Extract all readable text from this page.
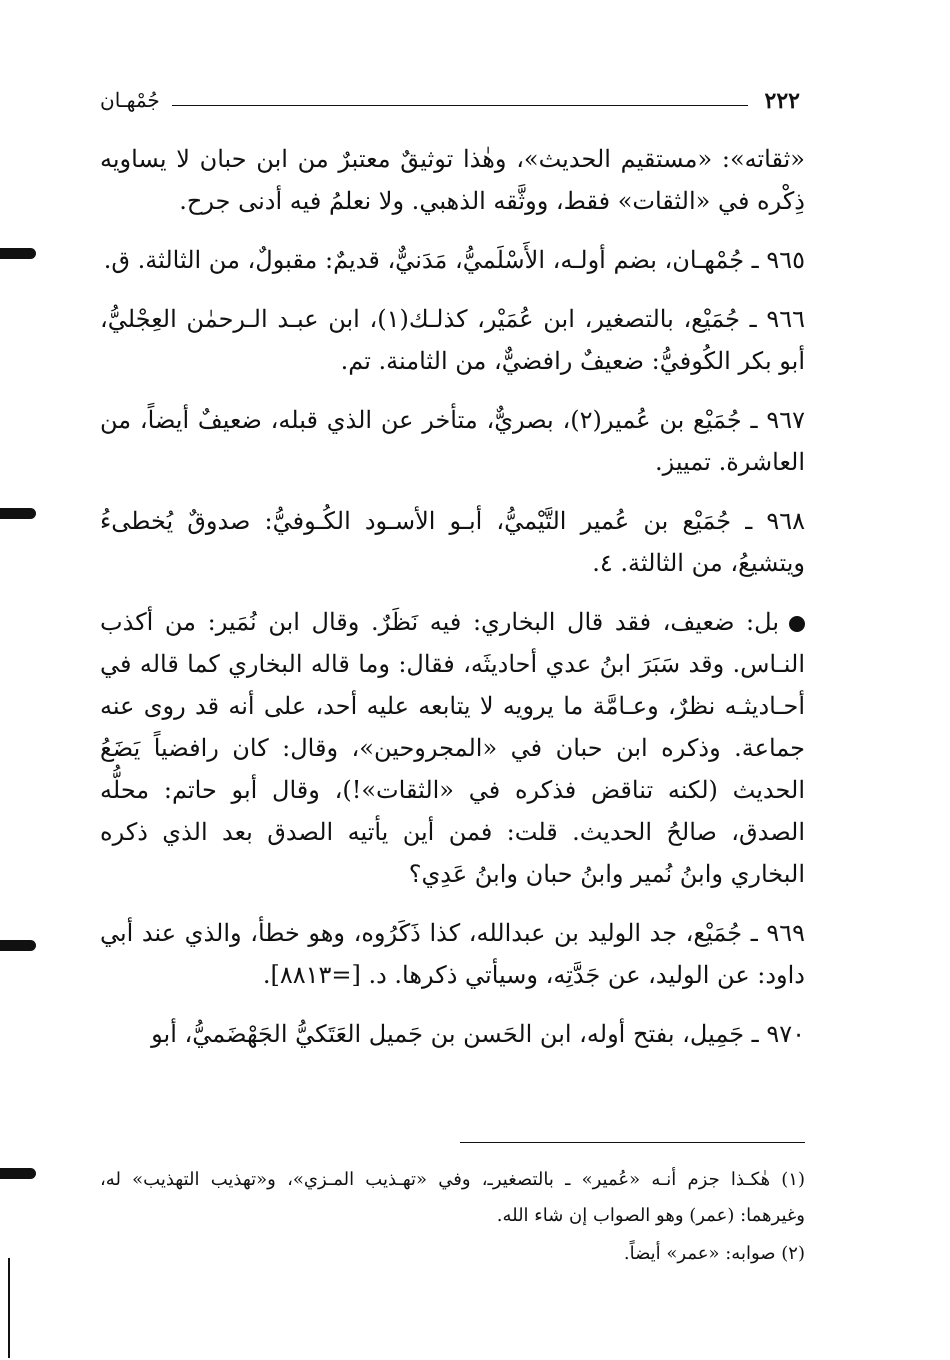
٢٢٢
جُمْهـان

«ثقاته»: «مستقيم الحديث»، وهٰذا توثيقٌ معتبرٌ من ابن حبان لا يساويه ذِكْره في «الثقات» فقط، ووثَّقه الذهبي. ولا نعلمُ فيه أدنى جرح.

٩٦٥ ـ جُمْهـان، بضم أولـه، الأَسْلَميُّ، مَدَنيٌّ، قديمٌ: مقبولٌ، من الثالثة. ق.

٩٦٦ ـ جُمَيْع، بالتصغير، ابن عُمَيْر، كذلـك(١)، ابن عبـد الـرحمٰن العِجْليُّ، أبو بكر الكُوفيُّ: ضعيفٌ رافضيٌّ، من الثامنة. تم.

٩٦٧ ـ جُمَيْع بن عُمير(٢)، بصريٌّ، متأخر عن الذي قبله، ضعيفٌ أيضاً، من العاشرة. تمييز.

٩٦٨ ـ جُمَيْع بن عُمير التَّيْميُّ، أبـو الأسـود الكُـوفيُّ: صدوقٌ يُخطىءُ ويتشيعُ، من الثالثة. ٤.

بل: ضعيف، فقد قال البخاري: فيه نَظَرٌ. وقال ابن نُمَير: من أكذب النـاس. وقد سَبَرَ ابنُ عدي أحاديثَه، فقال: وما قاله البخاري كما قاله في أحـاديثـه نظرٌ، وعـامَّة ما يرويه لا يتابعه عليه أحد، على أنه قد روى عنه جماعة. وذكره ابن حبان في «المجروحين»، وقال: كان رافضياً يَضَعُ الحديث (لكنه تناقض فذكره في «الثقات»!)، وقال أبو حاتم: محلُّه الصدق، صالحُ الحديث. قلت: فمن أين يأتيه الصدق بعد الذي ذكره البخاري وابنُ نُمير وابنُ حبان وابنُ عَدِي؟

٩٦٩ ـ جُمَيْع، جد الوليد بن عبدالله، كذا ذَكَرُوه، وهو خطأ، والذي عند أبي داود: عن الوليد، عن جَدَّتِه، وسيأتي ذكرها. د. [=٨٨١٣].

٩٧٠ ـ جَمِيل، بفتح أوله، ابن الحَسن بن جَميل العَتَكيُّ الجَهْضَميُّ، أبو

(١) هٰكـذا جزم أنـه «عُمير» ـ بالتصغيرـ، وفي «تهـذيب المـزي»، و«تهذيب التهذيب» له، وغيرهما: (عمر) وهو الصواب إن شاء الله.

(٢) صوابه: «عمر» أيضاً.
